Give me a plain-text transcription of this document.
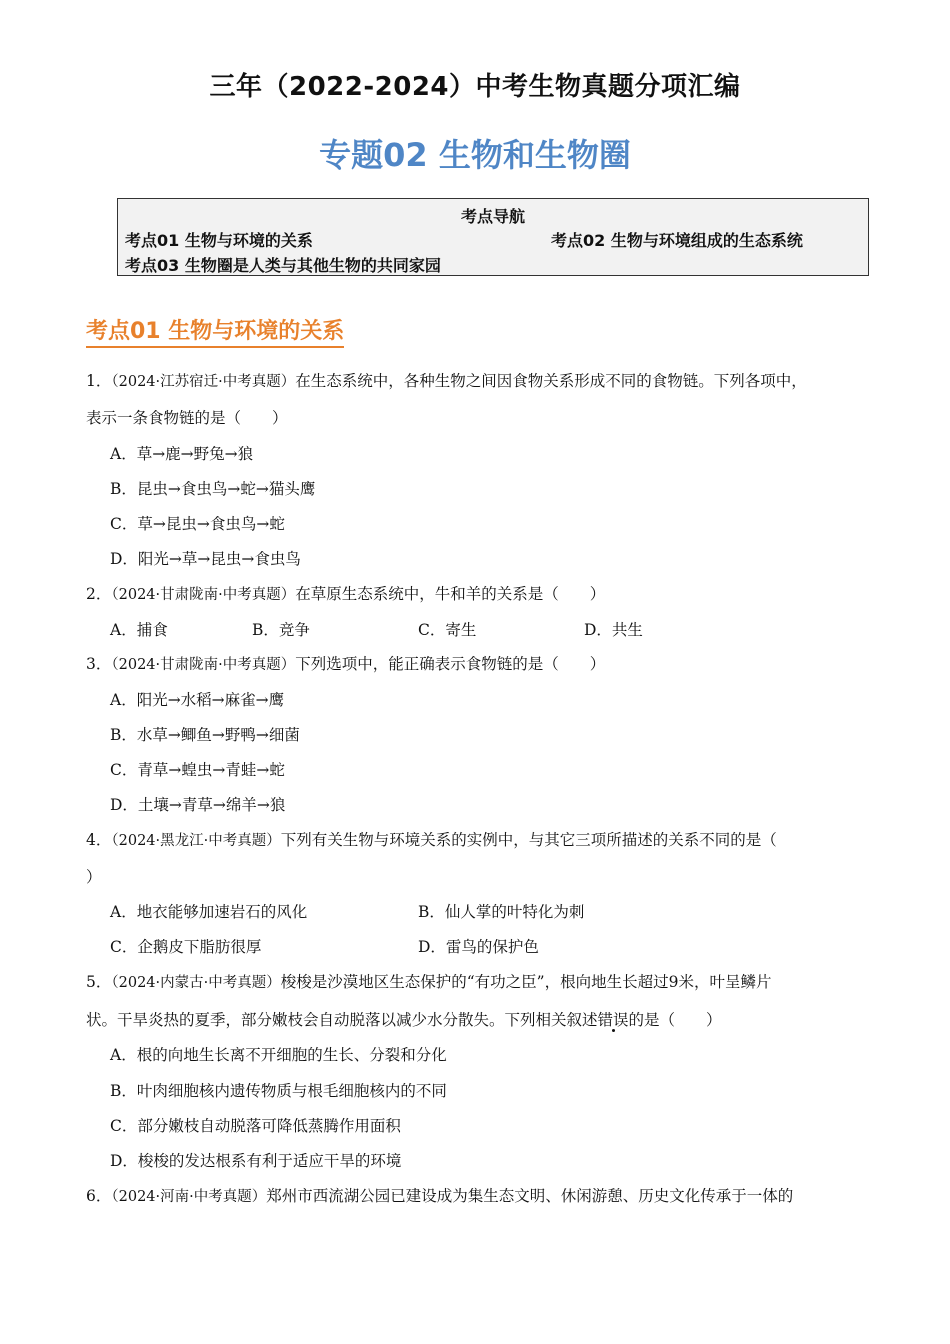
三年（2022-2024）中考生物真题分项汇编
专题02 生物和生物圈
考点导航
考点01 生物与环境的关系	考点02 生物与环境组成的生态系统
考点03 生物圈是人类与其他生物的共同家园
考点01 生物与环境的关系
1．（2024·江苏宿迁·中考真题）在生态系统中，各种生物之间因食物关系形成不同的食物链。下列各项中，
表示一条食物链的是（　　）
A．草→鹿→野兔→狼
B．昆虫→食虫鸟→蛇→猫头鹰
C．草→昆虫→食虫鸟→蛇
D．阳光→草→昆虫→食虫鸟
2．（2024·甘肃陇南·中考真题）在草原生态系统中，牛和羊的关系是（　　）
A．捕食	B．竞争	C．寄生	D．共生
3．（2024·甘肃陇南·中考真题）下列选项中，能正确表示食物链的是（　　）
A．阳光→水稻→麻雀→鹰
B．水草→鲫鱼→野鸭→细菌
C．青草→蝗虫→青蛙→蛇
D．土壤→青草→绵羊→狼
4．（2024·黑龙江·中考真题）下列有关生物与环境关系的实例中，与其它三项所描述的关系不同的是（
）
A．地衣能够加速岩石的风化	B．仙人掌的叶特化为刺
C．企鹅皮下脂肪很厚	D．雷鸟的保护色
5．（2024·内蒙古·中考真题）梭梭是沙漠地区生态保护的“有功之臣”，根向地生长超过9米，叶呈鳞片
状。干旱炎热的夏季，部分嫩枝会自动脱落以减少水分散失。下列相关叙述错误的是（　　）
A．根的向地生长离不开细胞的生长、分裂和分化
B．叶肉细胞核内遗传物质与根毛细胞核内的不同
C．部分嫩枝自动脱落可降低蒸腾作用面积
D．梭梭的发达根系有利于适应干旱的环境
6．（2024·河南·中考真题）郑州市西流湖公园已建设成为集生态文明、休闲游憩、历史文化传承于一体的
